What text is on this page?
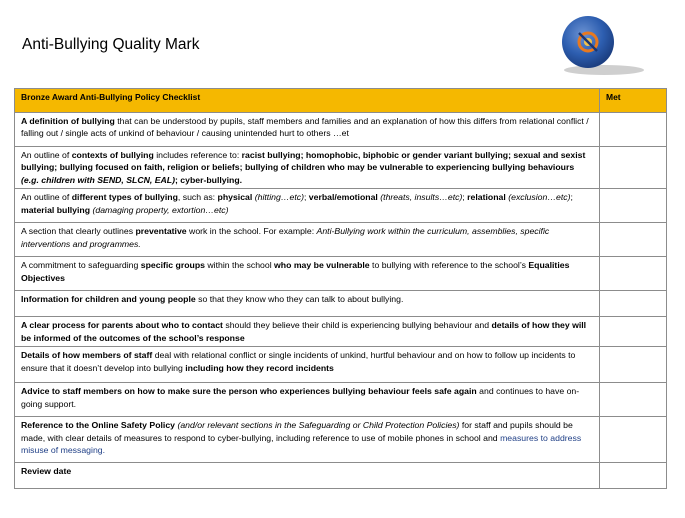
Anti-Bullying Quality Mark
Bronze Award Anti-Bullying Policy Checklist	Met
A definition of bullying that can be understood by pupils, staff members and families and an explanation of how this differs from relational conflict / falling out / single acts of unkind of behaviour / causing unintended hurt to others …et	
An outline of contexts of bullying includes reference to: racist bullying; homophobic, biphobic or gender variant bullying; sexual and sexist bullying; bullying focused on faith, religion or beliefs; bullying of children who may be vulnerable to experiencing bullying behaviours (e.g. children with SEND, SLCN, EAL); cyber-bullying.	
An outline of different types of bullying, such as: physical (hitting…etc); verbal/emotional (threats, insults…etc); relational (exclusion…etc); material bullying (damaging property, extortion…etc)	
A section that clearly outlines preventative work in the school. For example: Anti-Bullying work within the curriculum, assemblies, specific interventions and programmes.	
A commitment to safeguarding specific groups within the school who may be vulnerable to bullying with reference to the school’s Equalities Objectives	
Information for children and young people so that they know who they can talk to about bullying.	
A clear process for parents about who to contact should they believe their child is experiencing bullying behaviour and details of how they will be informed of the outcomes of the school’s response	
Details of how members of staff deal with relational conflict or single incidents of unkind, hurtful behaviour and on how to follow up incidents to ensure that it doesn’t develop into bullying including how they record incidents	
Advice to staff members on how to make sure the person who experiences bullying behaviour feels safe again and continues to have on-going support.	
Reference to the Online Safety Policy (and/or relevant sections in the Safeguarding or Child Protection Policies) for staff and pupils should be made, with clear details of measures to respond to cyber-bullying, including reference to use of mobile phones in school and measures to address misuse of messaging.	
Review date	
